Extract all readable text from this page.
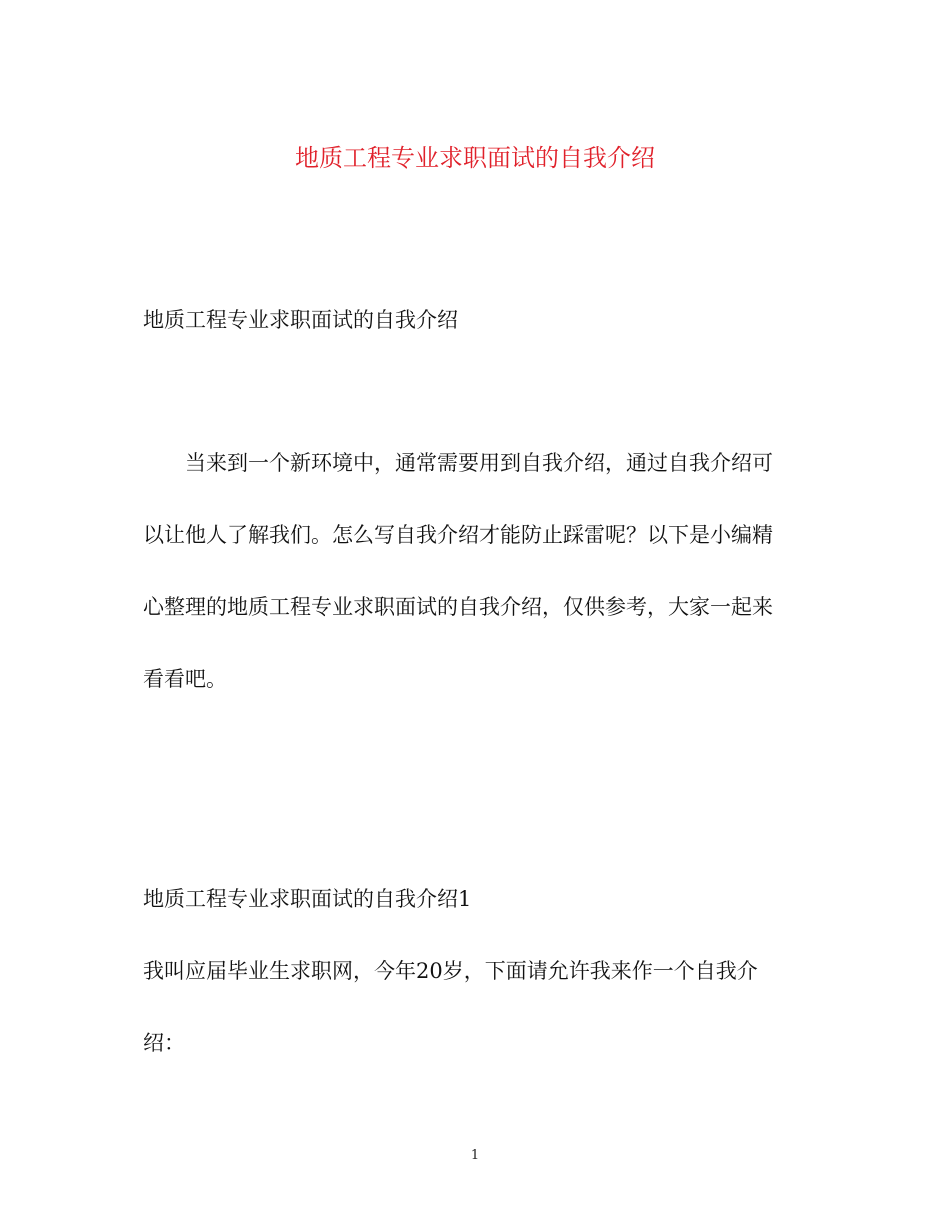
地质工程专业求职面试的自我介绍
地质工程专业求职面试的自我介绍
　　当来到一个新环境中，通常需要用到自我介绍，通过自我介绍可
以让他人了解我们。怎么写自我介绍才能防止踩雷呢？以下是小编精
心整理的地质工程专业求职面试的自我介绍，仅供参考，大家一起来
看看吧。
地质工程专业求职面试的自我介绍1
我叫应届毕业生求职网，今年20岁，下面请允许我来作一个自我介
绍：
1
